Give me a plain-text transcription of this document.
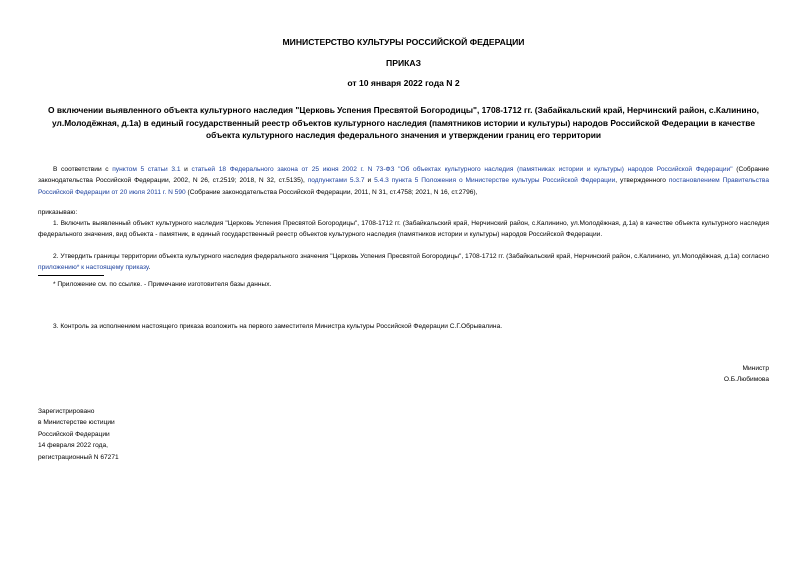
МИНИСТЕРСТВО КУЛЬТУРЫ РОССИЙСКОЙ ФЕДЕРАЦИИ
ПРИКАЗ
от 10 января 2022 года N 2
О включении выявленного объекта культурного наследия "Церковь Успения Пресвятой Богородицы", 1708-1712 гг. (Забайкальский край, Нерчинский район, с.Калинино, ул.Молодёжная, д.1а) в единый государственный реестр объектов культурного наследия (памятников истории и культуры) народов Российской Федерации в качестве объекта культурного наследия федерального значения и утверждении границ его территории
В соответствии с пунктом 5 статьи 3.1 и статьей 18 Федерального закона от 25 июня 2002 г. N 73-ФЗ "Об объектах культурного наследия (памятниках истории и культуры) народов Российской Федерации" (Собрание законодательства Российской Федерации, 2002, N 26, ст.2519; 2018, N 32, ст.5135), подпунктами 5.3.7 и 5.4.3 пункта 5 Положения о Министерстве культуры Российской Федерации, утвержденного постановлением Правительства Российской Федерации от 20 июля 2011 г. N 590 (Собрание законодательства Российской Федерации, 2011, N 31, ст.4758; 2021, N 16, ст.2796),
приказываю:
1. Включить выявленный объект культурного наследия "Церковь Успения Пресвятой Богородицы", 1708-1712 гг. (Забайкальский край, Нерчинский район, с.Калинино, ул.Молодёжная, д.1а) в качестве объекта культурного наследия федерального значения, вид объекта - памятник, в единый государственный реестр объектов культурного наследия (памятников истории и культуры) народов Российской Федерации.
2. Утвердить границы территории объекта культурного наследия федерального значения "Церковь Успения Пресвятой Богородицы", 1708-1712 гг. (Забайкальский край, Нерчинский район, с.Калинино, ул.Молодёжная, д.1а) согласно приложению* к настоящему приказу.
* Приложение см. по ссылке. - Примечание изготовителя базы данных.
3. Контроль за исполнением настоящего приказа возложить на первого заместителя Министра культуры Российской Федерации С.Г.Обрывалина.
Министр
О.Б.Любимова
Зарегистрировано
в Министерстве юстиции
Российской Федерации
14 февраля 2022 года,
регистрационный N 67271
